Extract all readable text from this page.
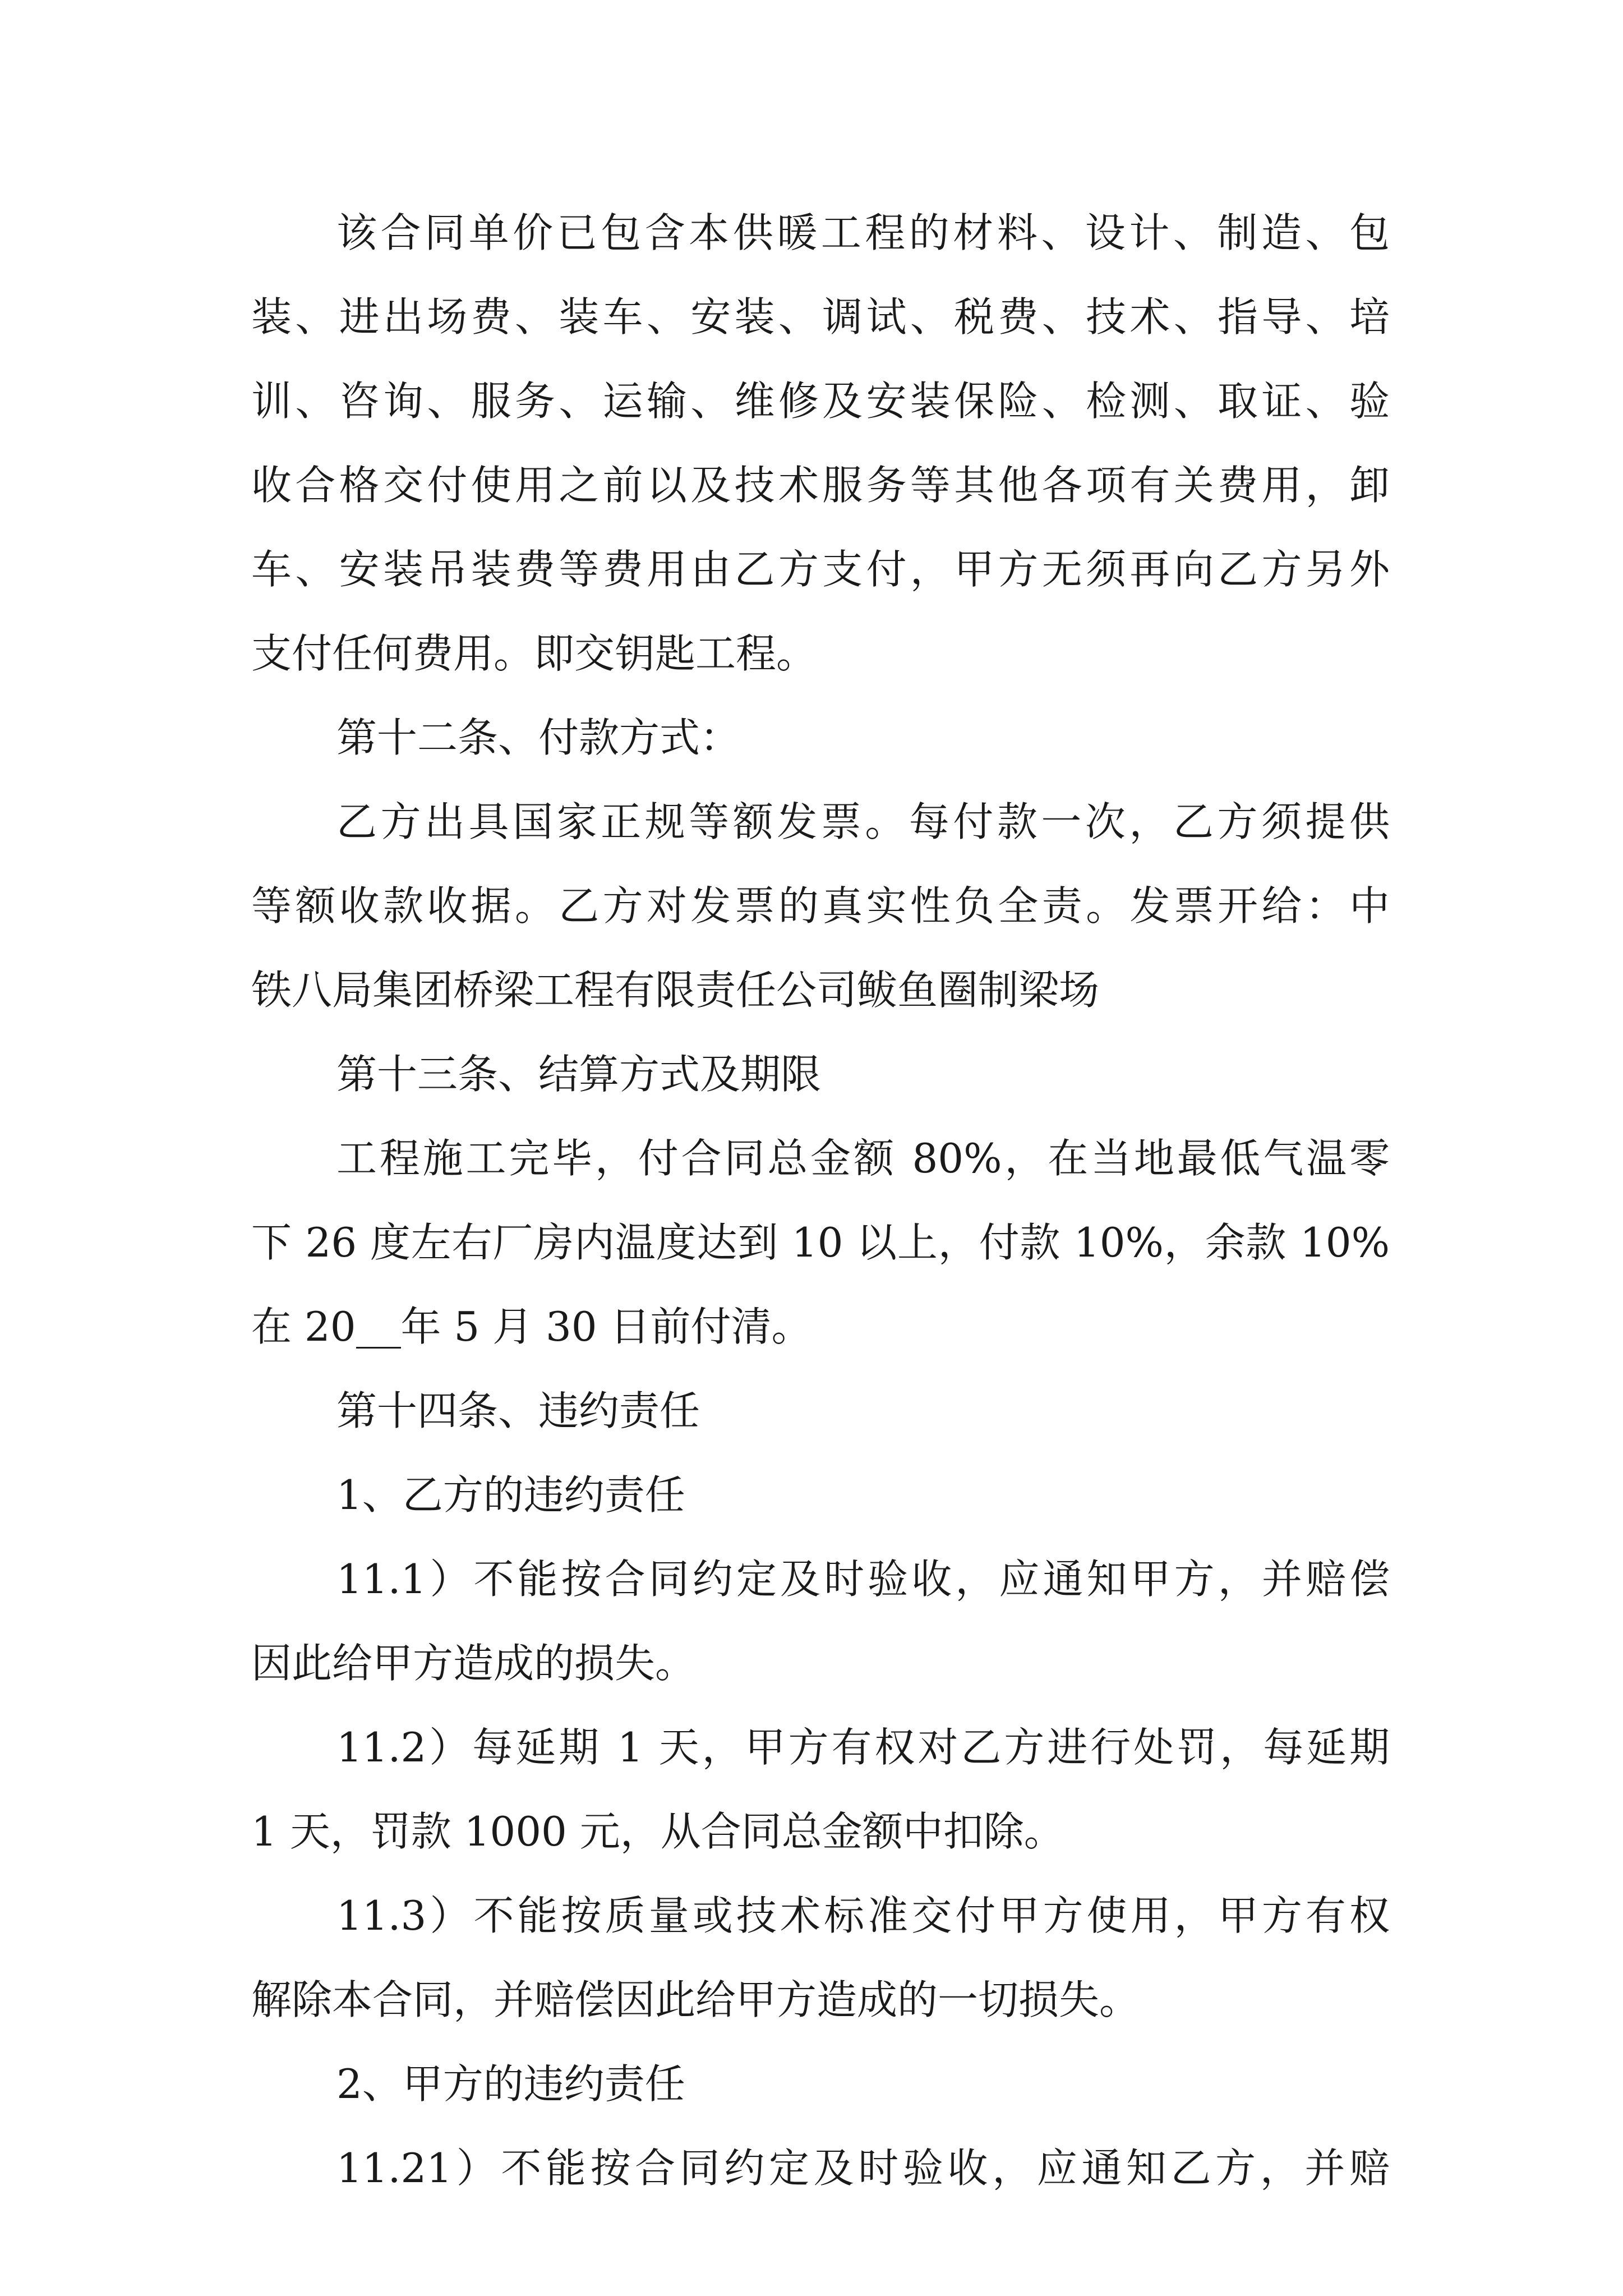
该合同单价已包含本供暖工程的材料、设计、制造、包
装、进出场费、装车、安装、调试、税费、技术、指导、培
训、咨询、服务、运输、维修及安装保险、检测、取证、验
收合格交付使用之前以及技术服务等其他各项有关费用，卸
车、安装吊装费等费用由乙方支付，甲方无须再向乙方另外
支付任何费用。即交钥匙工程。
第十二条、付款方式：
乙方出具国家正规等额发票。每付款一次，乙方须提供
等额收款收据。乙方对发票的真实性负全责。发票开给：中
铁八局集团桥梁工程有限责任公司鲅鱼圈制梁场
第十三条、结算方式及期限
工程施工完毕，付合同总金额 80%，在当地最低气温零
下 26 度左右厂房内温度达到 10 以上，付款 10%，余款 10%
在 20 年 5 月 30 日前付清。
第十四条、违约责任
1、乙方的违约责任
11.1）不能按合同约定及时验收，应通知甲方，并赔偿
因此给甲方造成的损失。
11.2）每延期 1 天，甲方有权对乙方进行处罚，每延期
1 天，罚款 1000 元，从合同总金额中扣除。
11.3）不能按质量或技术标准交付甲方使用，甲方有权
解除本合同，并赔偿因此给甲方造成的一切损失。
2、甲方的违约责任
11.21）不能按合同约定及时验收，应通知乙方，并赔
